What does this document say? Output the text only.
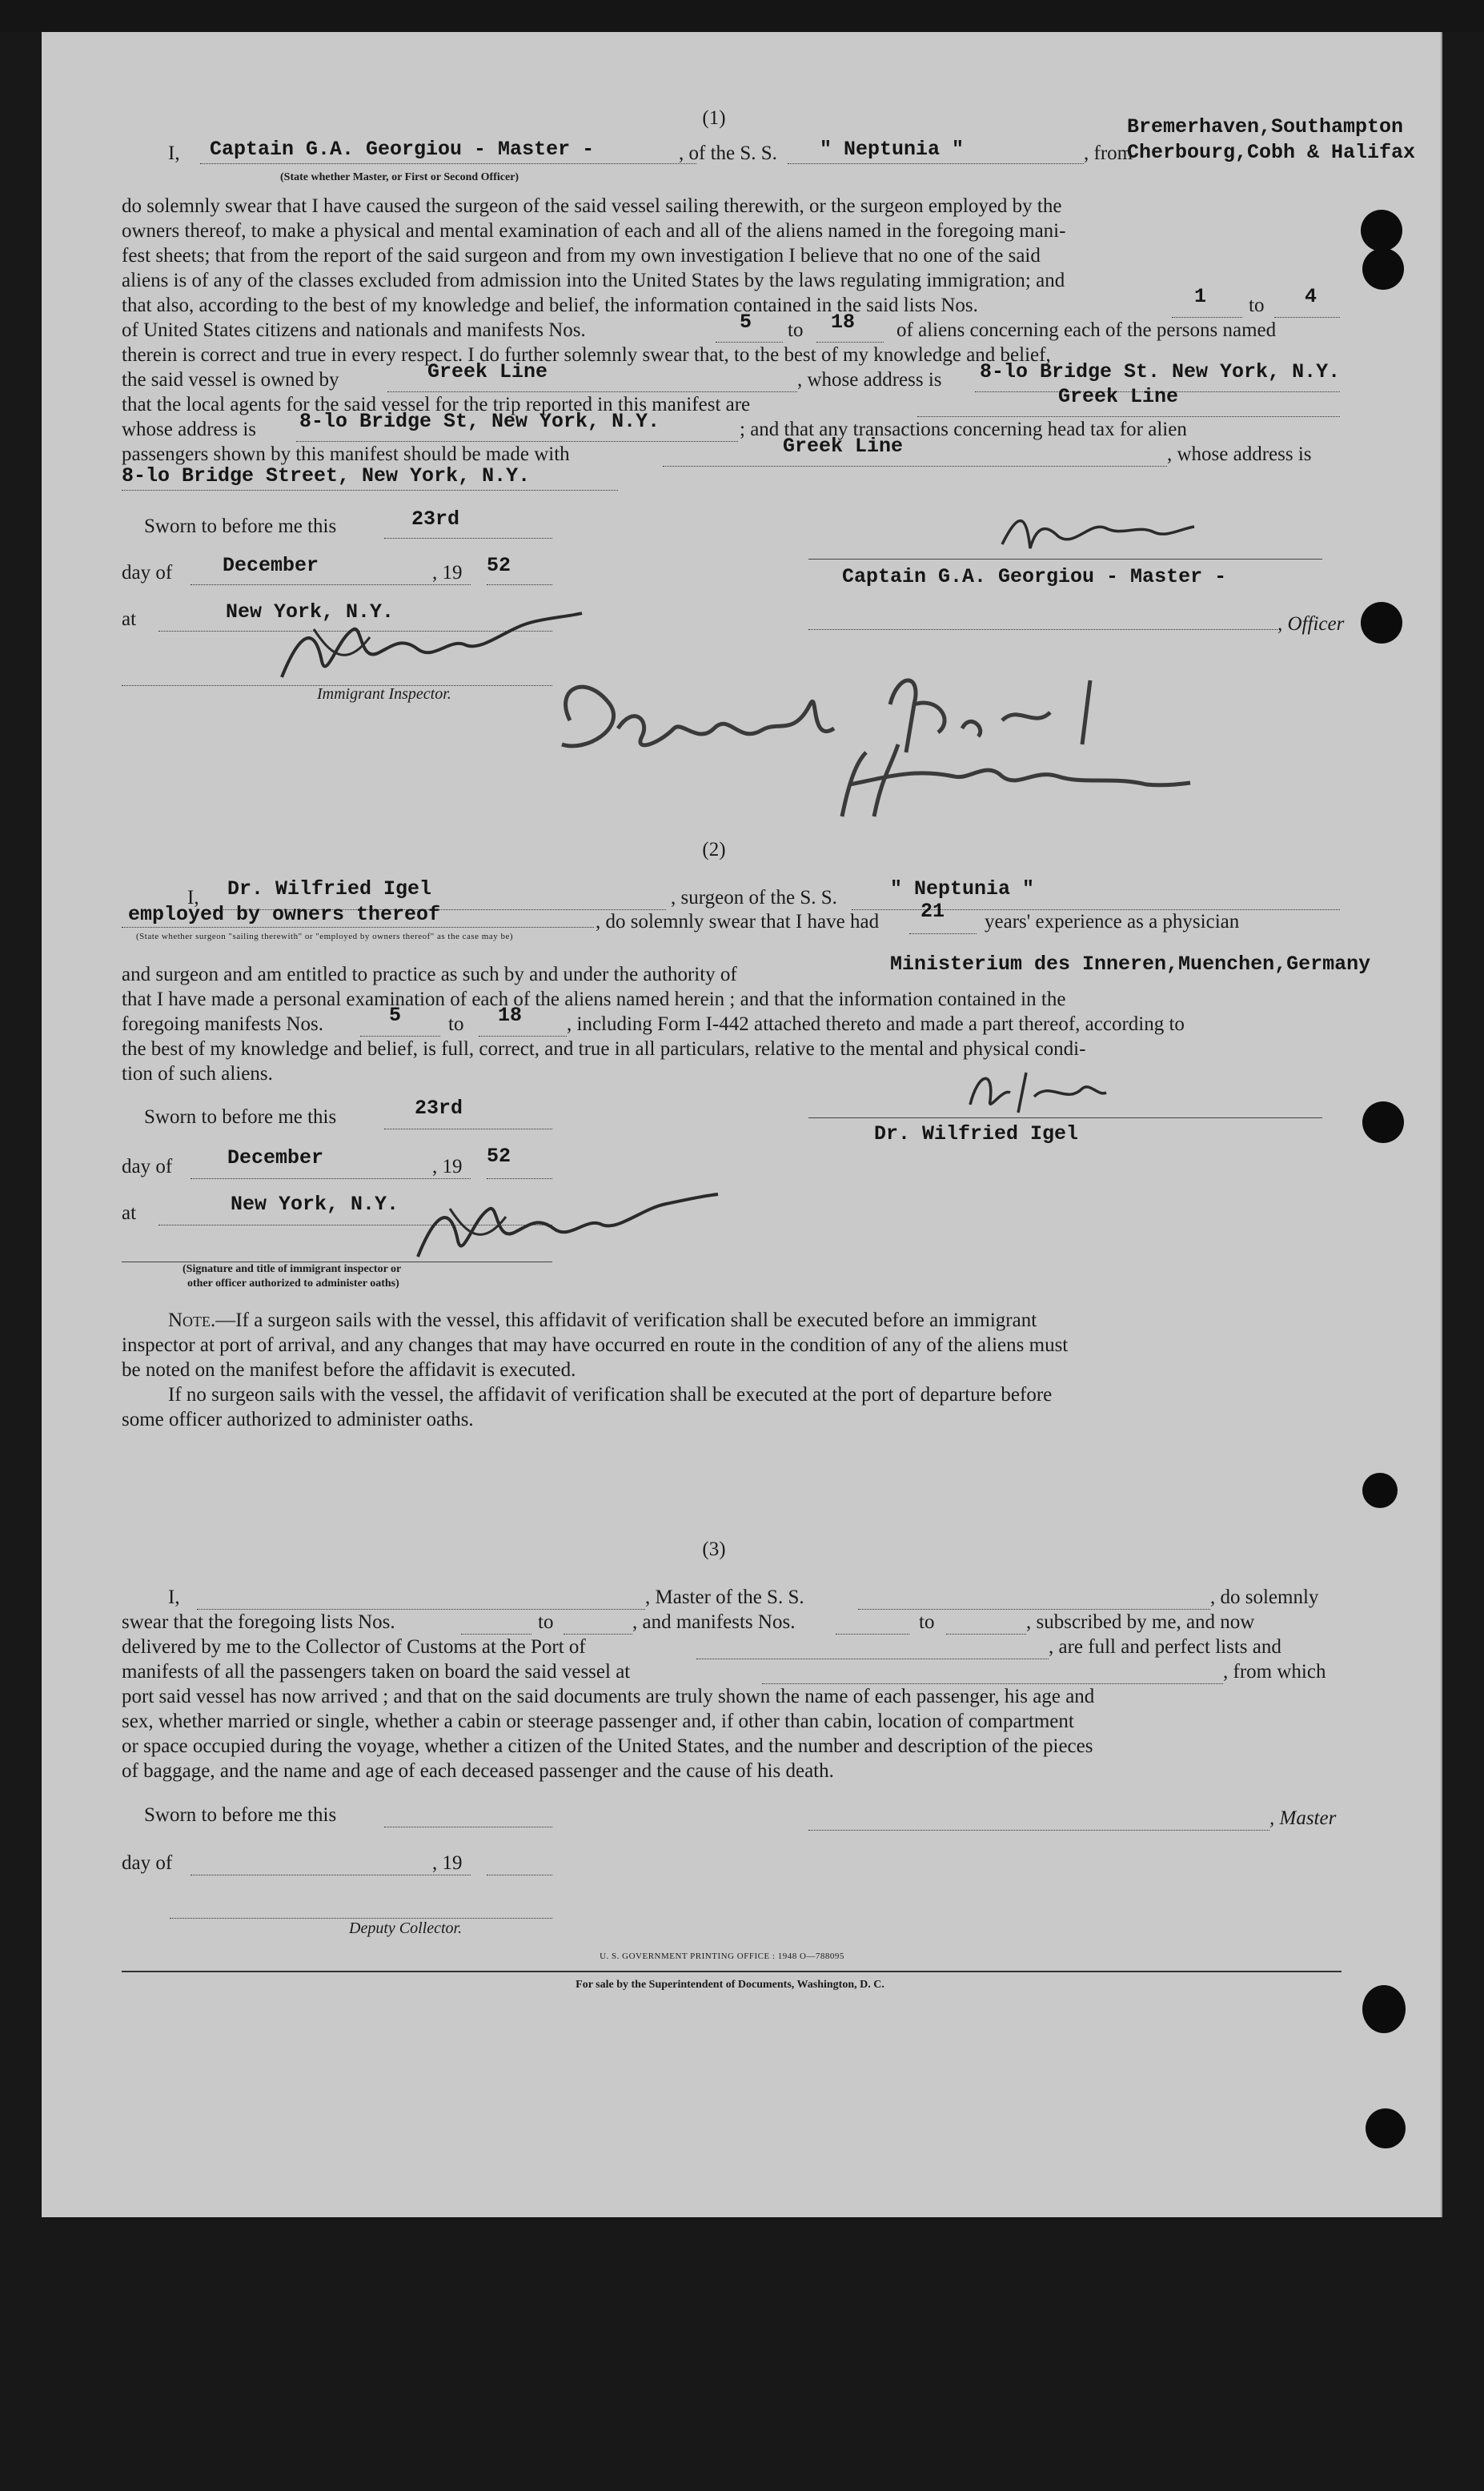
(1)
I, Captain G.A. Georgiou - Master -	, of the S. S. " Neptunia "	, from
Bremerhaven,Southampton
Cherbourg,Cobh & Halifax
(State whether Master, or First or Second Officer)
do solemnly swear that I have caused the surgeon of the said vessel sailing therewith, or the surgeon employed by the
owners thereof, to make a physical and mental examination of each and all of the aliens named in the foregoing mani-
fest sheets; that from the report of the said surgeon and from my own investigation I believe that no one of the said
aliens is of any of the classes excluded from admission into the United States by the laws regulating immigration; and
that also, according to the best of my knowledge and belief, the information contained in the said lists Nos.	1 to 4
of United States citizens and nationals and manifests Nos.	5 to 18 of aliens concerning each of the persons named
therein is correct and true in every respect. I do further solemnly swear that, to the best of my knowledge and belief,
the said vessel is owned by	Greek Line	, whose address is 8-lo Bridge St. New York, N.Y.
that the local agents for the said vessel for the trip reported in this manifest are	Greek Line
whose address is 8-lo Bridge St, New York, N.Y.	; and that any transactions concerning head tax for alien
passengers shown by this manifest should be made with	Greek Line	, whose address is
8-lo Bridge Street, New York, N.Y.
Sworn to before me this	23rd
day of	December	, 19 52
at	New York, N.Y.
Immigrant Inspector.
Captain G.A. Georgiou - Master -
, Officer
(2)
I, Dr. Wilfried Igel	, surgeon of the S. S.	" Neptunia "
employed by owners thereof	, do solemnly swear that I have had 21 years' experience as a physician
(State whether surgeon "sailing therewith" or "employed by owners thereof" as the case may be)
and surgeon and am entitled to practice as such by and under the authority of	Ministerium des Inneren,Muenchen,Germany
that I have made a personal examination of each of the aliens named herein ; and that the information contained in the
foregoing manifests Nos.	5 to 18 , including Form I-442 attached thereto and made a part thereof, according to
the best of my knowledge and belief, is full, correct, and true in all particulars, relative to the mental and physical condi-
tion of such aliens.
Sworn to before me this	23rd
day of	December	, 19 52
at	New York, N.Y.
(Signature and title of immigrant inspector or
other officer authorized to administer oaths)
Dr. Wilfried Igel
Note.—If a surgeon sails with the vessel, this affidavit of verification shall be executed before an immigrant
inspector at port of arrival, and any changes that may have occurred en route in the condition of any of the aliens must
be noted on the manifest before the affidavit is executed.
If no surgeon sails with the vessel, the affidavit of verification shall be executed at the port of departure before
some officer authorized to administer oaths.
(3)
I,	, Master of the S. S.	, do solemnly
swear that the foregoing lists Nos.	to	, and manifests Nos.	to	, subscribed by me, and now
delivered by me to the Collector of Customs at the Port of	, are full and perfect lists and
manifests of all the passengers taken on board the said vessel at	, from which
port said vessel has now arrived ; and that on the said documents are truly shown the name of each passenger, his age and
sex, whether married or single, whether a cabin or steerage passenger and, if other than cabin, location of compartment
or space occupied during the voyage, whether a citizen of the United States, and the number and description of the pieces
of baggage, and the name and age of each deceased passenger and the cause of his death.
Sworn to before me this	, Master
day of	, 19
Deputy Collector.
U. S. GOVERNMENT PRINTING OFFICE : 1948 O—788095
For sale by the Superintendent of Documents, Washington, D. C.
